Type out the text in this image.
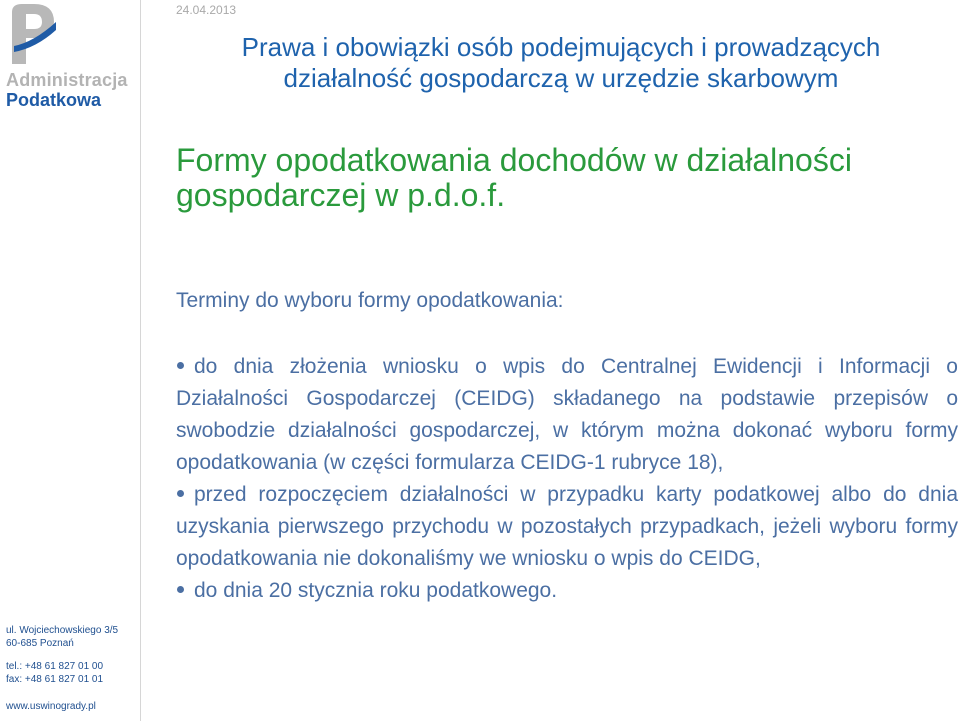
Administracja
Podatkowa
Urząd Skarbowy Poznań - Winogrady
ul. Wojciechowskiego 3/5
60-685 Poznań
tel.: +48 61 827 01 00
fax: +48 61 827 01 01
www.uswinogrady.pl
24.04.2013
Prawa i obowiązki osób podejmujących i prowadzących działalność gospodarczą w urzędzie skarbowym
Formy opodatkowania dochodów w działalności gospodarczej w p.d.o.f.
Terminy do wyboru formy opodatkowania:
do dnia złożenia wniosku o wpis do Centralnej Ewidencji i Informacji o Działalności Gospodarczej (CEIDG) składanego na podstawie przepisów o swobodzie działalności gospodarczej, w którym można dokonać wyboru formy opodatkowania (w części formularza CEIDG-1 rubryce 18),
przed rozpoczęciem działalności w przypadku karty podatkowej albo do dnia uzyskania pierwszego przychodu w pozostałych przypadkach, jeżeli wyboru formy opodatkowania nie dokonaliśmy we wniosku o wpis do CEIDG,
do dnia 20 stycznia roku podatkowego.
